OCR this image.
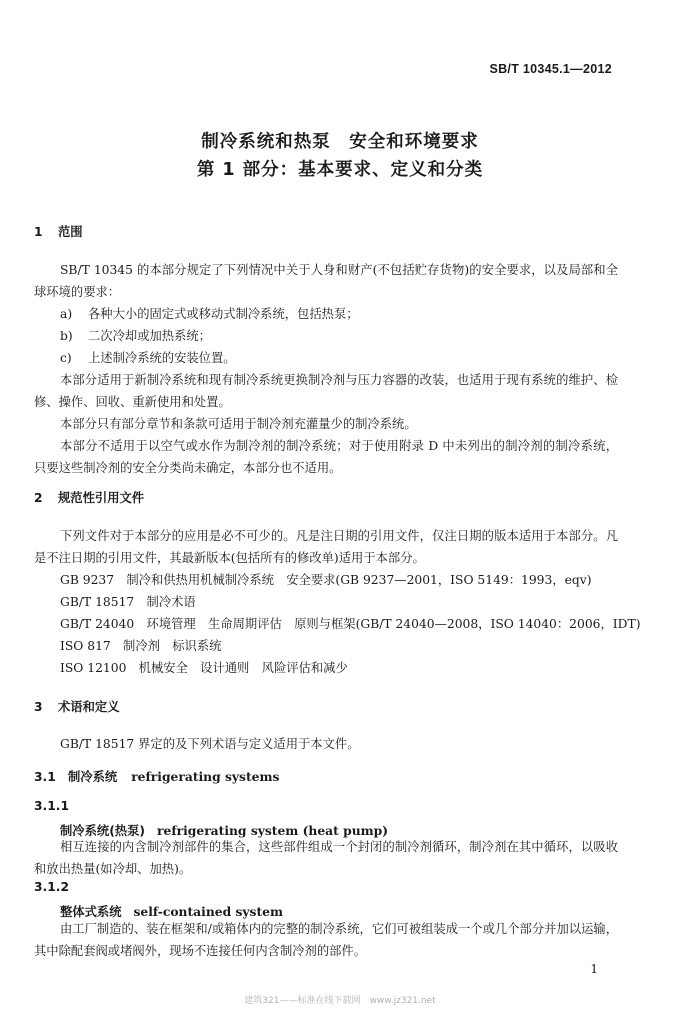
SB/T 10345.1—2012
制冷系统和热泵　安全和环境要求
第 1 部分：基本要求、定义和分类
1 范围

SB/T 10345 的本部分规定了下列情况中关于人身和财产(不包括贮存货物)的安全要求，以及局部和全球环境的要求：

a) 各种大小的固定式或移动式制冷系统，包括热泵；

b) 二次冷却或加热系统；

c) 上述制冷系统的安装位置。

本部分适用于新制冷系统和现有制冷系统更换制冷剂与压力容器的改装，也适用于现有系统的维护、检修、操作、回收、重新使用和处置。

本部分只有部分章节和条款可适用于制冷剂充灌量少的制冷系统。

本部分不适用于以空气或水作为制冷剂的制冷系统；对于使用附录 D 中未列出的制冷剂的制冷系统，只要这些制冷剂的安全分类尚未确定，本部分也不适用。

2 规范性引用文件

下列文件对于本部分的应用是必不可少的。凡是注日期的引用文件，仅注日期的版本适用于本部分。凡是不注日期的引用文件，其最新版本(包括所有的修改单)适用于本部分。

GB 9237　制冷和供热用机械制冷系统　安全要求(GB 9237—2001，ISO 5149：1993，eqv)

GB/T 18517　制冷术语

GB/T 24040　环境管理　生命周期评估　原则与框架(GB/T 24040—2008，ISO 14040：2006，IDT)

ISO 817　制冷剂　标识系统

ISO 12100　机械安全　设计通则　风险评估和减少

3 术语和定义

GB/T 18517 界定的及下列术语与定义适用于本文件。

3.1 制冷系统 refrigerating systems
3.1.1
制冷系统(热泵) refrigerating system (heat pump)

相互连接的内含制冷剂部件的集合，这些部件组成一个封闭的制冷剂循环，制冷剂在其中循环，以吸收和放出热量(如冷却、加热)。

3.1.2
整体式系统 self-contained system

由工厂制造的、装在框架和/或箱体内的完整的制冷系统，它们可被组装成一个或几个部分并加以运输，其中除配套阀或堵阀外，现场不连接任何内含制冷剂的部件。

1
建筑321——标准在线下载网　www.jz321.net
